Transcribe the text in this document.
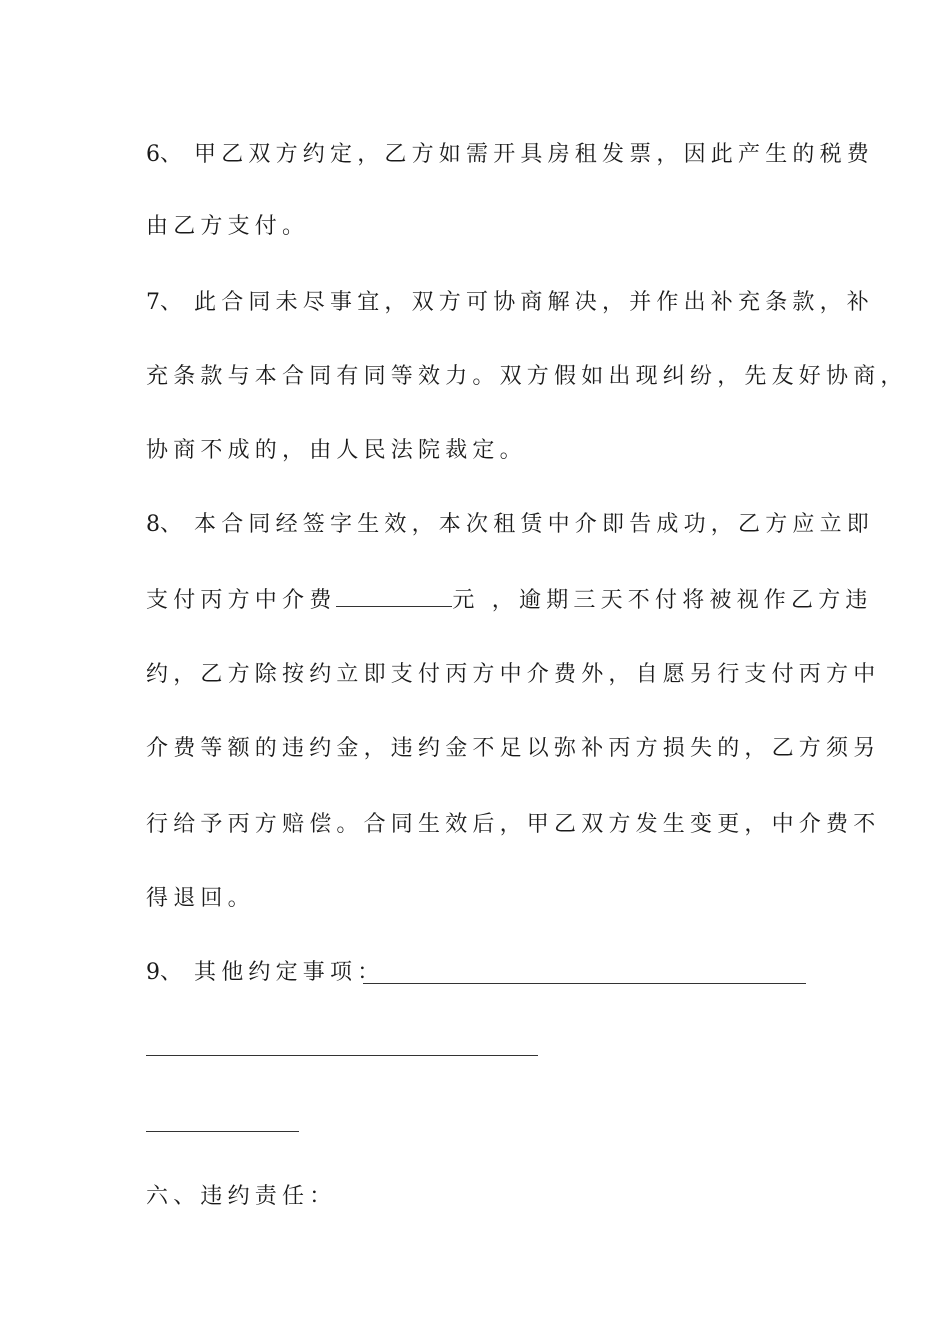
6、 甲乙双方约定，乙方如需开具房租发票，因此产生的税费
由乙方支付。
7、 此合同未尽事宜，双方可协商解决，并作出补充条款，补
充条款与本合同有同等效力。双方假如出现纠纷，先友好协商，
协商不成的，由人民法院裁定。
8、 本合同经签字生效，本次租赁中介即告成功，乙方应立即
支付丙方中介费	元 ，逾期三天不付将被视作乙方违
约，乙方除按约立即支付丙方中介费外，自愿另行支付丙方中
介费等额的违约金，违约金不足以弥补丙方损失的，乙方须另
行给予丙方赔偿。合同生效后，甲乙双方发生变更，中介费不
得退回。
9、 其他约定事项：
六、违约责任：
